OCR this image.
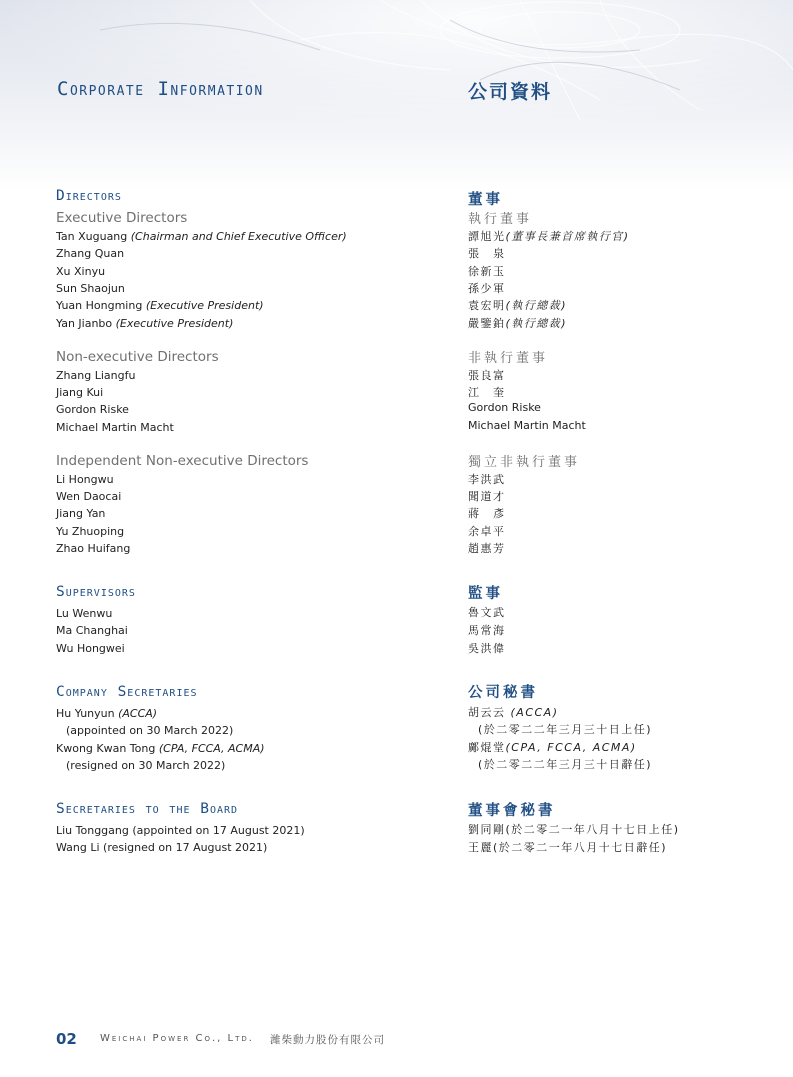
Corporate Information	公司資料
Directors
Executive Directors
Tan Xuguang (Chairman and Chief Executive Officer)
Zhang Quan
Xu Xinyu
Sun Shaojun
Yuan Hongming (Executive President)
Yan Jianbo (Executive President)
Non-executive Directors
Zhang Liangfu
Jiang Kui
Gordon Riske
Michael Martin Macht
Independent Non-executive Directors
Li Hongwu
Wen Daocai
Jiang Yan
Yu Zhuoping
Zhao Huifang
Supervisors
Lu Wenwu
Ma Changhai
Wu Hongwei
Company Secretaries
Hu Yunyun (ACCA)
(appointed on 30 March 2022)
Kwong Kwan Tong (CPA, FCCA, ACMA)
(resigned on 30 March 2022)
Secretaries to the Board
Liu Tonggang (appointed on 17 August 2021)
Wang Li (resigned on 17 August 2021)
董事
執行董事
譚旭光(董事長兼首席執行官)
張　泉
徐新玉
孫少軍
袁宏明(執行總裁)
嚴鑒鉑(執行總裁)
非執行董事
張良富
江　奎
Gordon Riske
Michael Martin Macht
獨立非執行董事
李洪武
聞道才
蔣　彥
余卓平
趙惠芳
監事
魯文武
馬常海
吳洪偉
公司秘書
胡云云 (ACCA)
(於二零二二年三月三十日上任)
鄺焜堂(CPA, FCCA, ACMA)
(於二零二二年三月三十日辭任)
董事會秘書
劉同剛(於二零二一年八月十七日上任)
王麗(於二零二一年八月十七日辭任)
02 Weichai Power Co., Ltd. 濰柴動力股份有限公司
